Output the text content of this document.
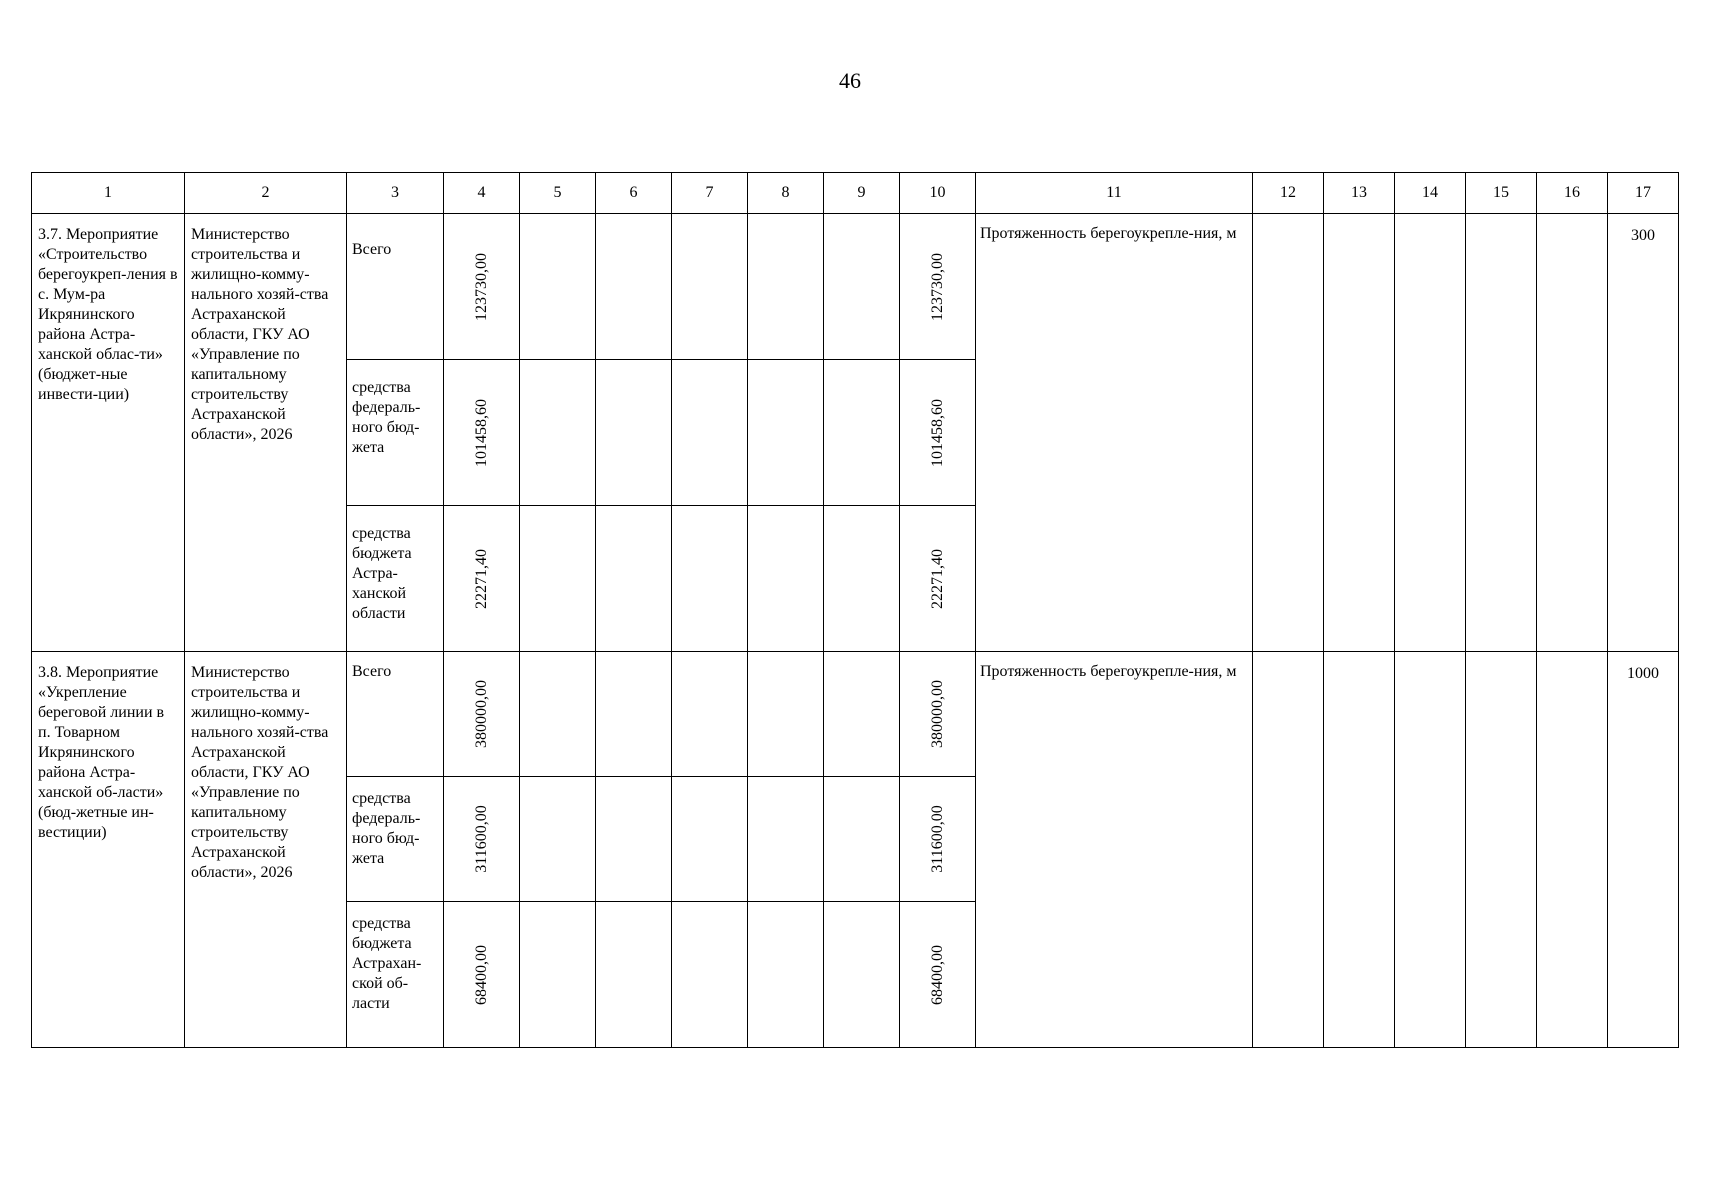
46
1	2	3	4	5	6	7	8	9	10	11	12	13	14	15	16	17
3.7. Мероприятие «Строительство берегоукреп-ления в с. Мум-ра Икрянинского района Астра-ханской облас-ти» (бюджет-ные инвести-ции)	Министерство строительства и жилищно-комму-нального хозяй-ства Астраханской области, ГКУ АО «Управление по капитальному строительству Астраханской области», 2026	Всего	123730,00						123730,00	Протяженность берегоукрепле-ния, м						300
		средства федераль-ного бюд-жета	101458,60						101458,60							

		средства бюджета Астра-ханской области	22271,40						22271,40							

3.8. Мероприятие «Укрепление береговой линии в п. Товарном Икрянинского района Астра-ханской об-ласти» (бюд-жетные ин-вестиции)	Министерство строительства и жилищно-комму-нального хозяй-ства Астраханской области, ГКУ АО «Управление по капитальному строительству Астраханской области», 2026	Всего	380000,00						380000,00	Протяженность берегоукрепле-ния, м						1000
		средства федераль-ного бюд-жета	311600,00						311600,00							

		средства бюджета Астрахан-ской об-ласти	68400,00						68400,00							
